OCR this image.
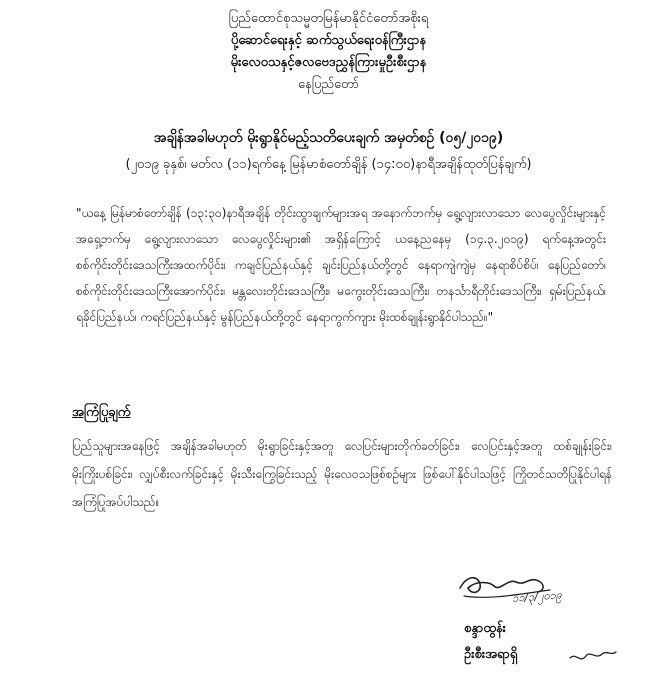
ပြည်ထောင်စုသမ္မတမြန်မာနိုင်ငံတော်အစိုးရ
ပို့ဆောင်ရေးနှင့် ဆက်သွယ်ရေးဝန်ကြီးဌာန
မိုးလေဝသနှင့်ဇလဗေဒညွှန်ကြားမှုဦးစီးဌာန
နေပြည်တော်
အချိန်အခါမဟုတ် မိုးရွာနိုင်မည့်သတိပေးချက် အမှတ်စဉ် (၀၅/၂၀၁၉)
(၂၀၁၉ ခုနှစ်၊ မတ်လ (၁၁)ရက်နေ့ မြန်မာစံတော်ချိန် (၁၄:၀၀)နာရီအချိန်ထုတ်ပြန်ချက်)
"ယနေ့ မြန်မာစံတော်ချိန် (၁၃:၃၀)နာရီအချိန် တိုင်းထွာချက်များအရ အနောက်ဘက်မှ ရွေ့လျားလာသော လေပွေလှိုင်းများနှင့် အရှေ့ဘက်မှ ရွေ့လျားလာသော လေပွေလှိုင်းများ၏ အရှိန်ကြောင့် ယနေ့ညနေမှ (၁၄.၃.၂၀၁၉) ရက်နေ့အတွင်း စစ်ကိုင်းတိုင်းဒေသကြီးအထက်ပိုင်း၊ ကချင်ပြည်နယ်နှင့် ချင်းပြည်နယ်တို့တွင် နေရာကျဲကျဲမှ နေရာစိပ်စိပ်၊ နေပြည်တော်၊ စစ်ကိုင်းတိုင်းဒေသကြီးအောက်ပိုင်း၊ မန္တလေးတိုင်းဒေသကြီး၊ မကွေးတိုင်းဒေသကြီး၊ တနင်္သာရီတိုင်းဒေသကြီး၊ ရှမ်းပြည်နယ်၊ ရခိုင်ပြည်နယ်၊ ကရင်ပြည်နယ်နှင့် မွန်ပြည်နယ်တို့တွင် နေရာကွက်ကျား မိုးထစ်ချုန်းရွာနိုင်ပါသည်။"
အကြံပြုချက်
ပြည်သူများအနေဖြင့် အချိန်အခါမဟုတ် မိုးရွာခြင်းနှင့်အတူ လေပြင်းများတိုက်ခတ်ခြင်း၊ လေပြင်းနှင့်အတူ ထစ်ချုန်းခြင်း၊ မိုးကြိုးပစ်ခြင်း၊ လျှပ်စီးလက်ခြင်းနှင့် မိုးသီးကြွေခြင်းသည့် မိုးလေဝသဖြစ်စဉ်များ ဖြစ်ပေါ်နိုင်ပါသဖြင့် ကြိုတင်သတိပြုနိုင်ပါရန် အကြံပြုအပ်ပါသည်။
၁၁/၃/၂၀၁၉
စန္ဒာထွန်း
ဦးစီးအရာရှိ
